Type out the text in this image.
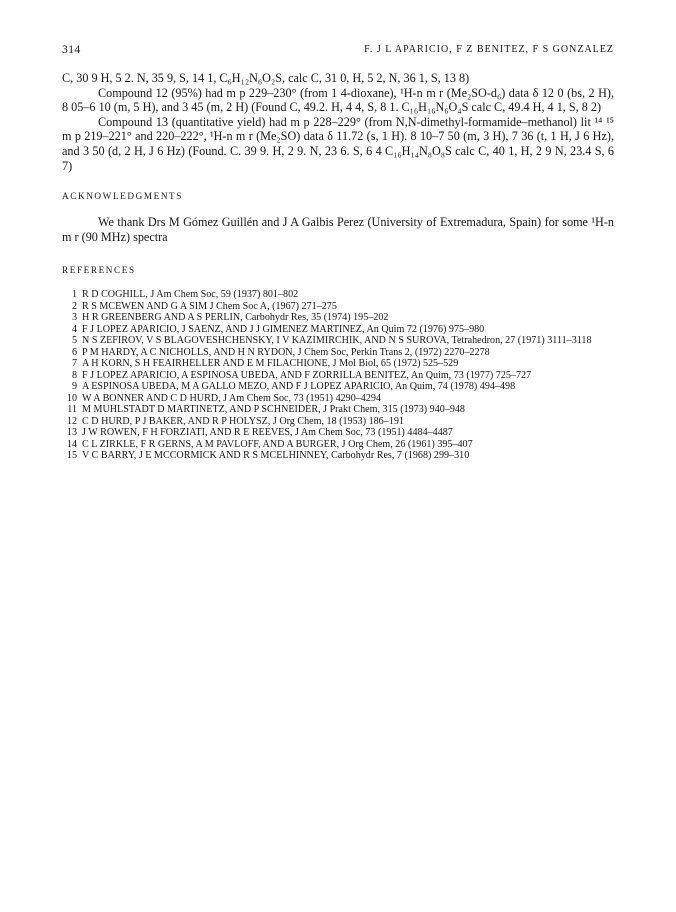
314	F. J L APARICIO, F Z BENITEZ, F S GONZALEZ

C, 30 9 H, 5 2. N, 35 9, S, 14 1, C₆H₁₂N₆O₂S, calc C, 31 0, H, 5 2, N, 36 1, S, 13 8)

Compound 12 (95%) had m p 229–230° (from 1 4-dioxane), ¹H-n m r (Me₂SO-d₆) data δ 12 0 (bs, 2 H), 8 05–6 10 (m, 5 H), and 3 45 (m, 2 H) (Found C, 49.2. H, 4 4, S, 8 1. C₁₆H₁₆N₆O₄S calc C, 49.4 H, 4 1, S, 8 2)

Compound 13 (quantitative yield) had m p 228–229° (from N,N-dimethyl-formamide–methanol) lit ¹⁴ ¹⁵ m p 219–221° and 220–222°, ¹H-n m r (Me₂SO) data δ 11.72 (s, 1 H). 8 10–7 50 (m, 3 H), 7 36 (t, 1 H, J 6 Hz), and 3 50 (d, 2 H, J 6 Hz) (Found. C. 39 9. H, 2 9. N, 23 6. S, 6 4 C₁₆H₁₄N₈O₈S calc C, 40 1, H, 2 9 N, 23.4 S, 6 7)

ACKNOWLEDGMENTS

We thank Drs M Gómez Guillén and J A Galbis Perez (University of Extremadura, Spain) for some ¹H-n m r (90 MHz) spectra

REFERENCES
1 R D COGHILL, J Am Chem Soc, 59 (1937) 801–802
2 R S MCEWEN AND G A SIM J Chem Soc A, (1967) 271–275
3 H R GREENBERG AND A S PERLIN, Carbohydr Res, 35 (1974) 195–202
4 F J LOPEZ APARICIO, J SAENZ, AND J J GIMENEZ MARTINEZ, An Quim 72 (1976) 975–980
5 N S ZEFIROV, V S BLAGOVESHCHENSKY, I V KAZIMIRCHIK, AND N S SUROVA, Tetrahedron, 27 (1971) 3111–3118
6 P M HARDY, A C NICHOLLS, AND H N RYDON, J Chem Soc, Perkin Trans 2, (1972) 2270–2278
7 A H KORN, S H FEAIRHELLER AND E M FILACHIONE, J Mol Biol, 65 (1972) 525–529
8 F J LOPEZ APARICIO, A ESPINOSA UBEDA, AND F ZORRILLA BENITEZ, An Quim, 73 (1977) 725–727
9 A ESPINOSA UBEDA, M A GALLO MEZO, AND F J LOPEZ APARICIO, An Quim, 74 (1978) 494–498
10 W A BONNER AND C D HURD, J Am Chem Soc, 73 (1951) 4290–4294
11 M MUHLSTADT D MARTINETZ, AND P SCHNEIDER, J Prakt Chem, 315 (1973) 940–948
12 C D HURD, P J BAKER, AND R P HOLYSZ, J Org Chem, 18 (1953) 186–191
13 J W ROWEN, F H FORZIATI, AND R E REEVES, J Am Chem Soc, 73 (1951) 4484–4487
14 C L ZIRKLE, F R GERNS, A M PAVLOFF, AND A BURGER, J Org Chem, 26 (1961) 395–407
15 V C BARRY, J E MCCORMICK AND R S MCELHINNEY, Carbohydr Res, 7 (1968) 299–310
